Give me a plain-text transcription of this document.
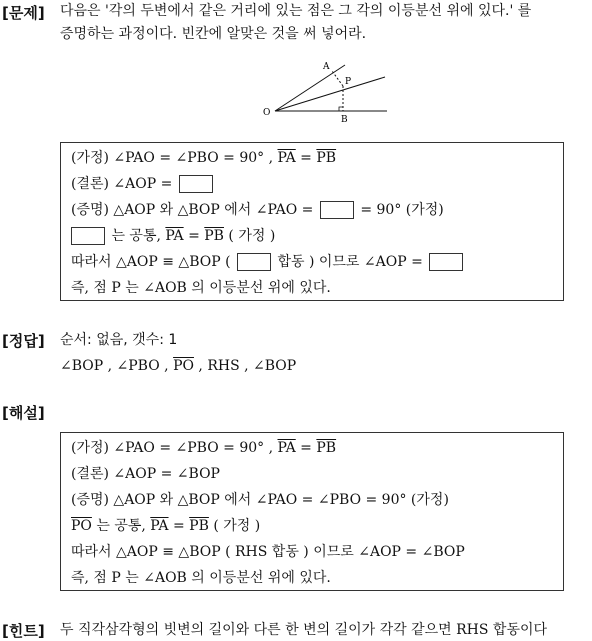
[문제] 다음은 '각의 두변에서 같은 거리에 있는 점은 그 각의 이등분선 위에 있다.' 를
증명하는 과정이다. 빈칸에 알맞은 것을 써 넣어라.
A
P
O
B
(가정) ∠PAO = ∠PBO = 90° , $\overline{PA} = \overline{PB}$
(결론) ∠AOP =
(증명) △AOP 와 △BOP 에서 ∠PAO =	= 90° (가정)
는 공통, $\overline{PA} = \overline{PB}$ ( 가정 )
따라서 △AOP ≡ △BOP (	합동 ) 이므로 ∠AOP =
즉, 점 P 는 ∠AOB 의 이등분선 위에 있다.
[정답] 순서: 없음, 갯수: 1
∠BOP , ∠PBO , $\overline{PO}$ , RHS , ∠BOP
[해설]
(가정) ∠PAO = ∠PBO = 90° , $\overline{PA} = \overline{PB}$
(결론) ∠AOP = ∠BOP
(증명) △AOP 와 △BOP 에서 ∠PAO = ∠PBO = 90° (가정)
$\overline{PO}$ 는 공통, $\overline{PA} = \overline{PB}$ ( 가정 )
따라서 △AOP ≡ △BOP ( RHS 합동 ) 이므로 ∠AOP = ∠BOP
즉, 점 P 는 ∠AOB 의 이등분선 위에 있다.
[힌트] 두 직각삼각형의 빗변의 길이와 다른 한 변의 길이가 각각 같으면 RHS 합동이다
